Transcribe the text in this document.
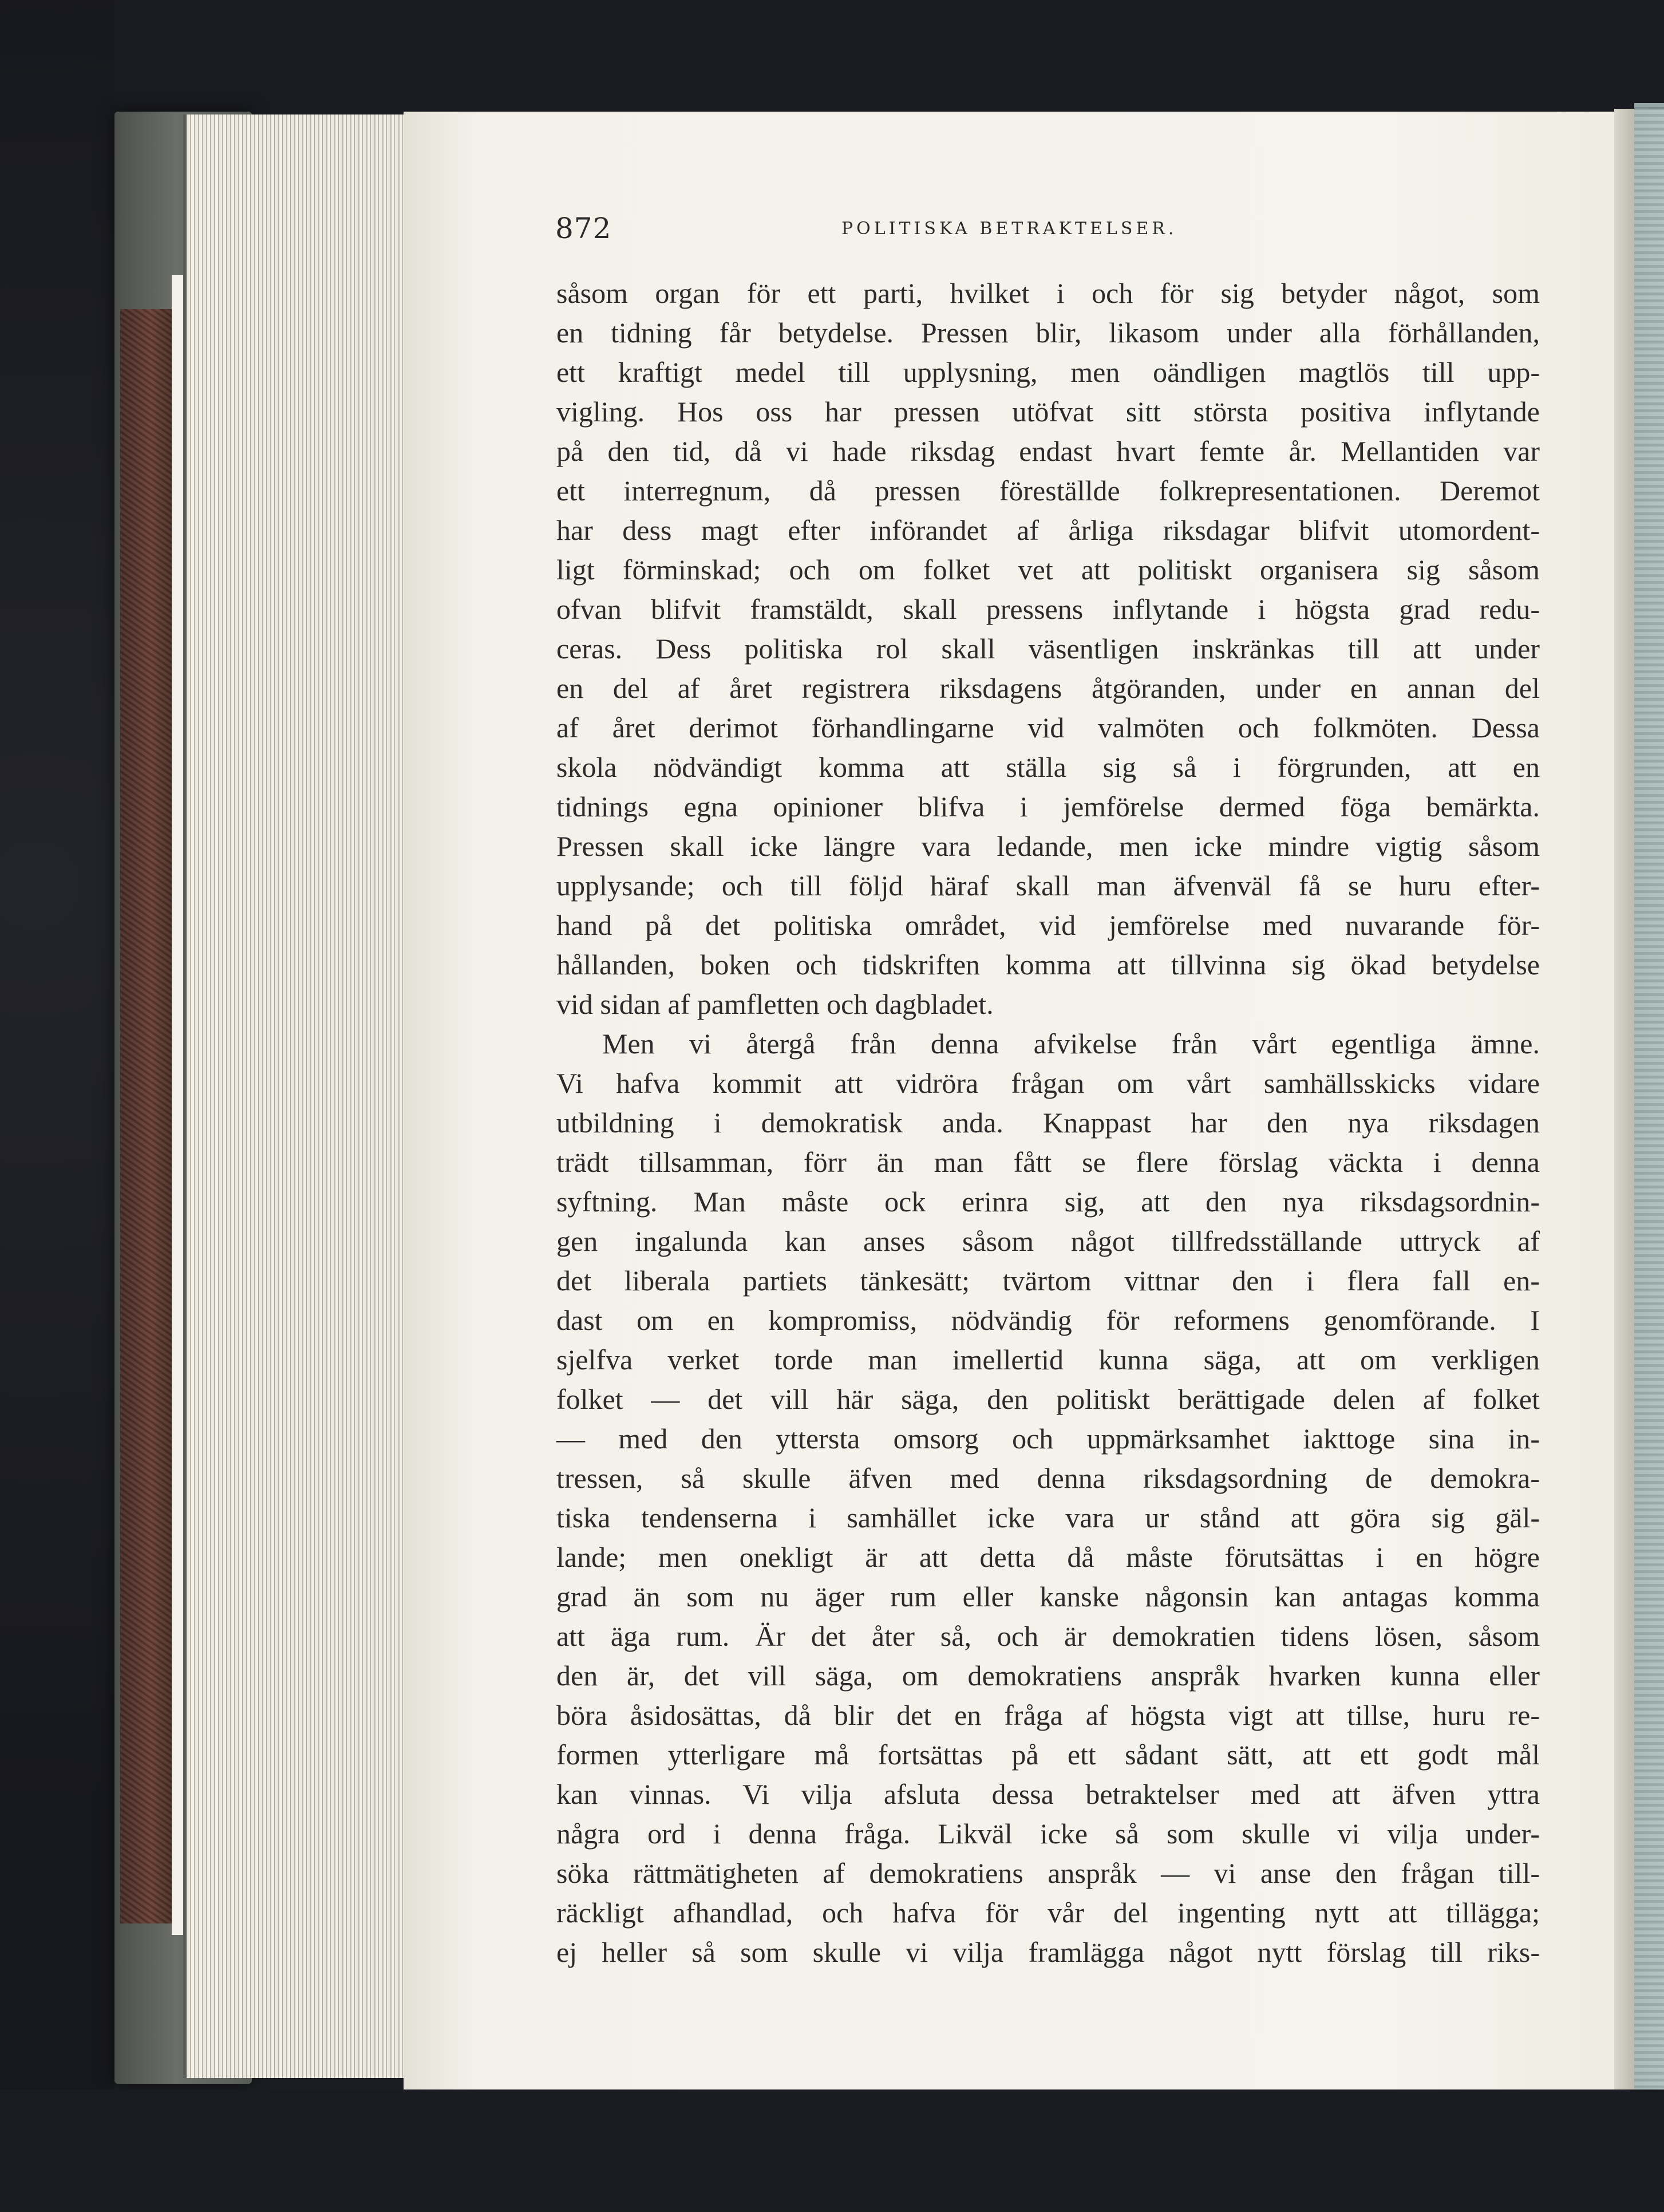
872	POLITISKA BETRAKTELSER.
såsom organ för ett parti, hvilket i och för sig betyder något, som
en tidning får betydelse. Pressen blir, likasom under alla förhållanden,
ett kraftigt medel till upplysning, men oändligen magtlös till upp-
vigling. Hos oss har pressen utöfvat sitt största positiva inflytande
på den tid, då vi hade riksdag endast hvart femte år. Mellantiden var
ett interregnum, då pressen föreställde folkrepresentationen. Deremot
har dess magt efter införandet af årliga riksdagar blifvit utomordent-
ligt förminskad; och om folket vet att politiskt organisera sig såsom
ofvan blifvit framstäldt, skall pressens inflytande i högsta grad redu-
ceras. Dess politiska rol skall väsentligen inskränkas till att under
en del af året registrera riksdagens åtgöranden, under en annan del
af året derimot förhandlingarne vid valmöten och folkmöten. Dessa
skola nödvändigt komma att ställa sig så i förgrunden, att en
tidnings egna opinioner blifva i jemförelse dermed föga bemärkta.
Pressen skall icke längre vara ledande, men icke mindre vigtig såsom
upplysande; och till följd häraf skall man äfvenväl få se huru efter-
hand på det politiska området, vid jemförelse med nuvarande för-
hållanden, boken och tidskriften komma att tillvinna sig ökad betydelse
vid sidan af pamfletten och dagbladet.
Men vi återgå från denna afvikelse från vårt egentliga ämne.
Vi hafva kommit att vidröra frågan om vårt samhällsskicks vidare
utbildning i demokratisk anda. Knappast har den nya riksdagen
trädt tillsamman, förr än man fått se flere förslag väckta i denna
syftning. Man måste ock erinra sig, att den nya riksdagsordnin-
gen ingalunda kan anses såsom något tillfredsställande uttryck af
det liberala partiets tänkesätt; tvärtom vittnar den i flera fall en-
dast om en kompromiss, nödvändig för reformens genomförande. I
sjelfva verket torde man imellertid kunna säga, att om verkligen
folket — det vill här säga, den politiskt berättigade delen af folket
— med den yttersta omsorg och uppmärksamhet iakttoge sina in-
tressen, så skulle äfven med denna riksdagsordning de demokra-
tiska tendenserna i samhället icke vara ur stånd att göra sig gäl-
lande; men onekligt är att detta då måste förutsättas i en högre
grad än som nu äger rum eller kanske någonsin kan antagas komma
att äga rum. Är det åter så, och är demokratien tidens lösen, såsom
den är, det vill säga, om demokratiens anspråk hvarken kunna eller
böra åsidosättas, då blir det en fråga af högsta vigt att tillse, huru re-
formen ytterligare må fortsättas på ett sådant sätt, att ett godt mål
kan vinnas. Vi vilja afsluta dessa betraktelser med att äfven yttra
några ord i denna fråga. Likväl icke så som skulle vi vilja under-
söka rättmätigheten af demokratiens anspråk — vi anse den frågan till-
räckligt afhandlad, och hafva för vår del ingenting nytt att tillägga;
ej heller så som skulle vi vilja framlägga något nytt förslag till riks-
